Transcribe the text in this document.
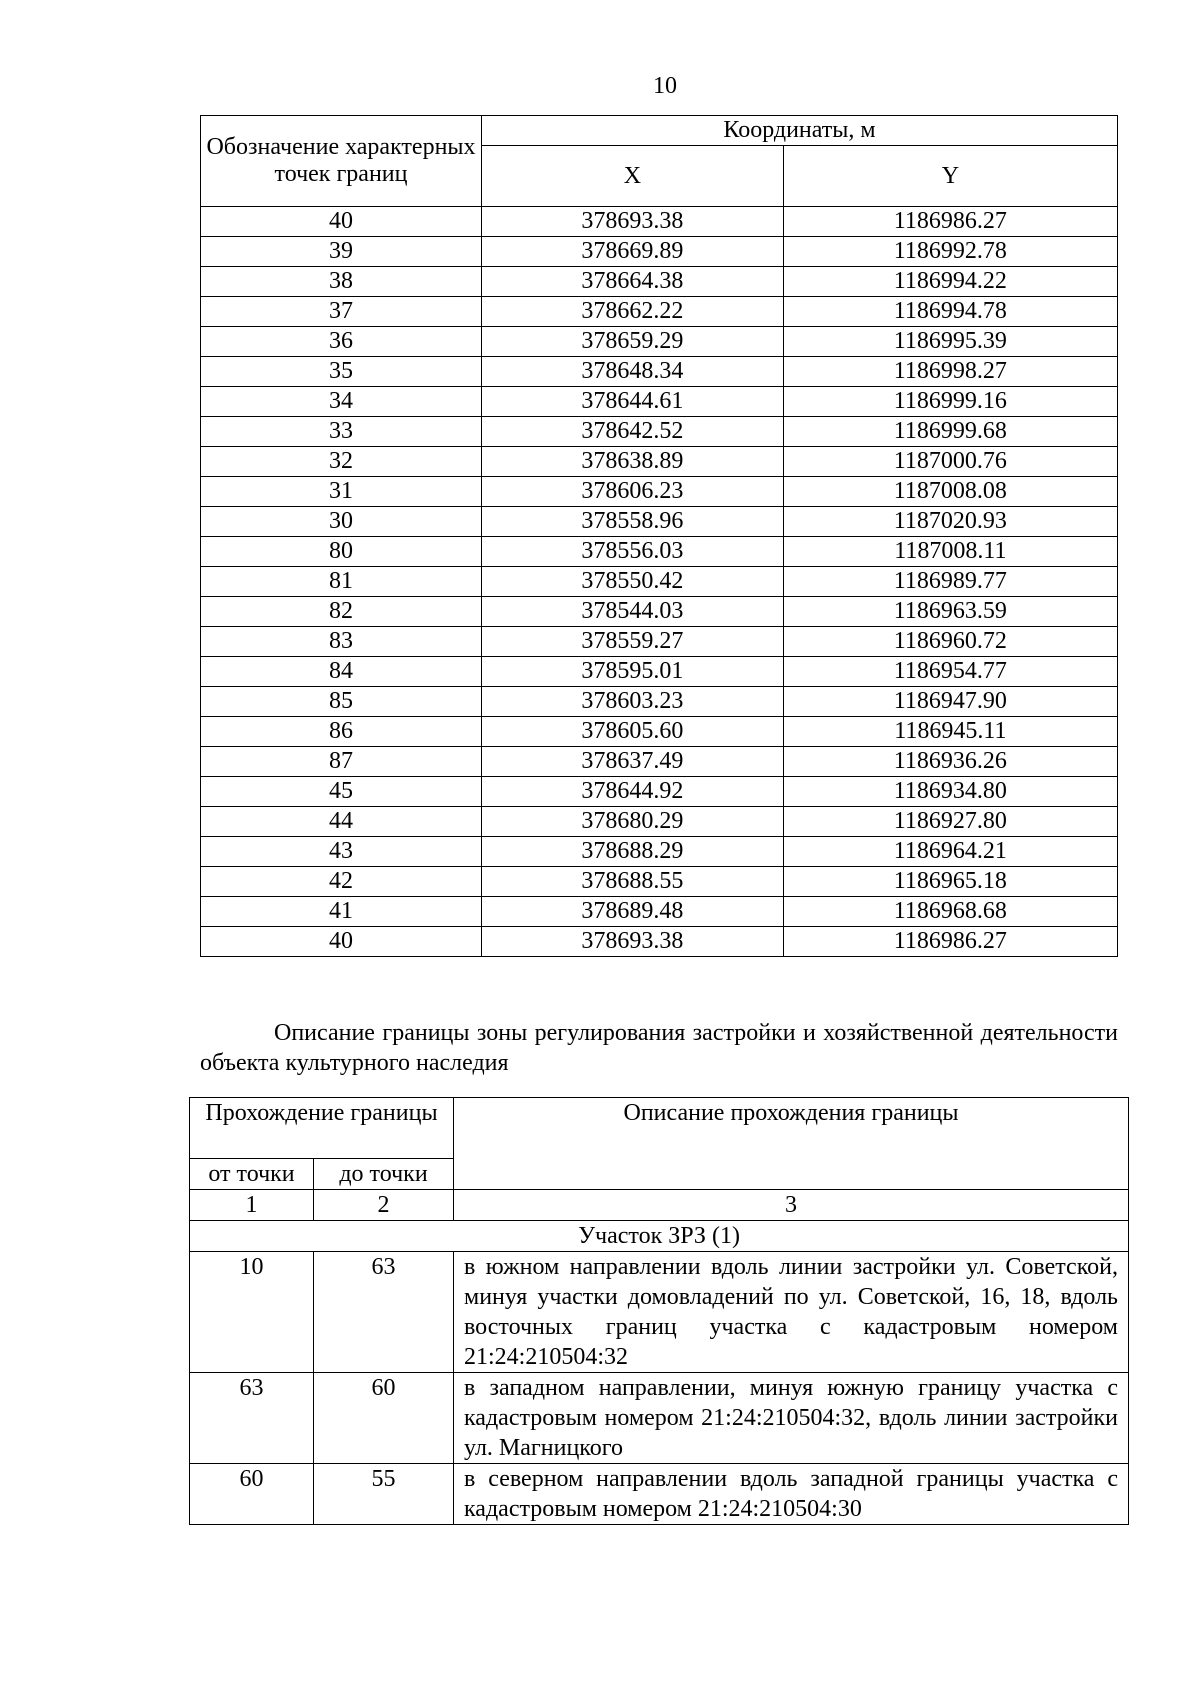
10
Обозначение характерных точек границ	Координаты, м	
	X	Y
40	378693.38	1186986.27
39	378669.89	1186992.78
38	378664.38	1186994.22
37	378662.22	1186994.78
36	378659.29	1186995.39
35	378648.34	1186998.27
34	378644.61	1186999.16
33	378642.52	1186999.68
32	378638.89	1187000.76
31	378606.23	1187008.08
30	378558.96	1187020.93
80	378556.03	1187008.11
81	378550.42	1186989.77
82	378544.03	1186963.59
83	378559.27	1186960.72
84	378595.01	1186954.77
85	378603.23	1186947.90
86	378605.60	1186945.11
87	378637.49	1186936.26
45	378644.92	1186934.80
44	378680.29	1186927.80
43	378688.29	1186964.21
42	378688.55	1186965.18
41	378689.48	1186968.68
40	378693.38	1186986.27
Описание границы зоны регулирования застройки и хозяйственной деятельности объекта культурного наследия
Прохождение границы		Описание прохождения границы
от точки	до точки	
1	2	3
Участок ЗРЗ (1)		
10	63	в южном направлении вдоль линии застройки ул. Советской, минуя участки домовладений по ул. Советской, 16, 18, вдоль восточных границ участка с кадастровым номером 21:24:210504:32
63	60	в западном направлении, минуя южную границу участка с кадастровым номером 21:24:210504:32, вдоль линии застройки ул. Магницкого
60	55	в северном направлении вдоль западной границы участка с кадастровым номером 21:24:210504:30
